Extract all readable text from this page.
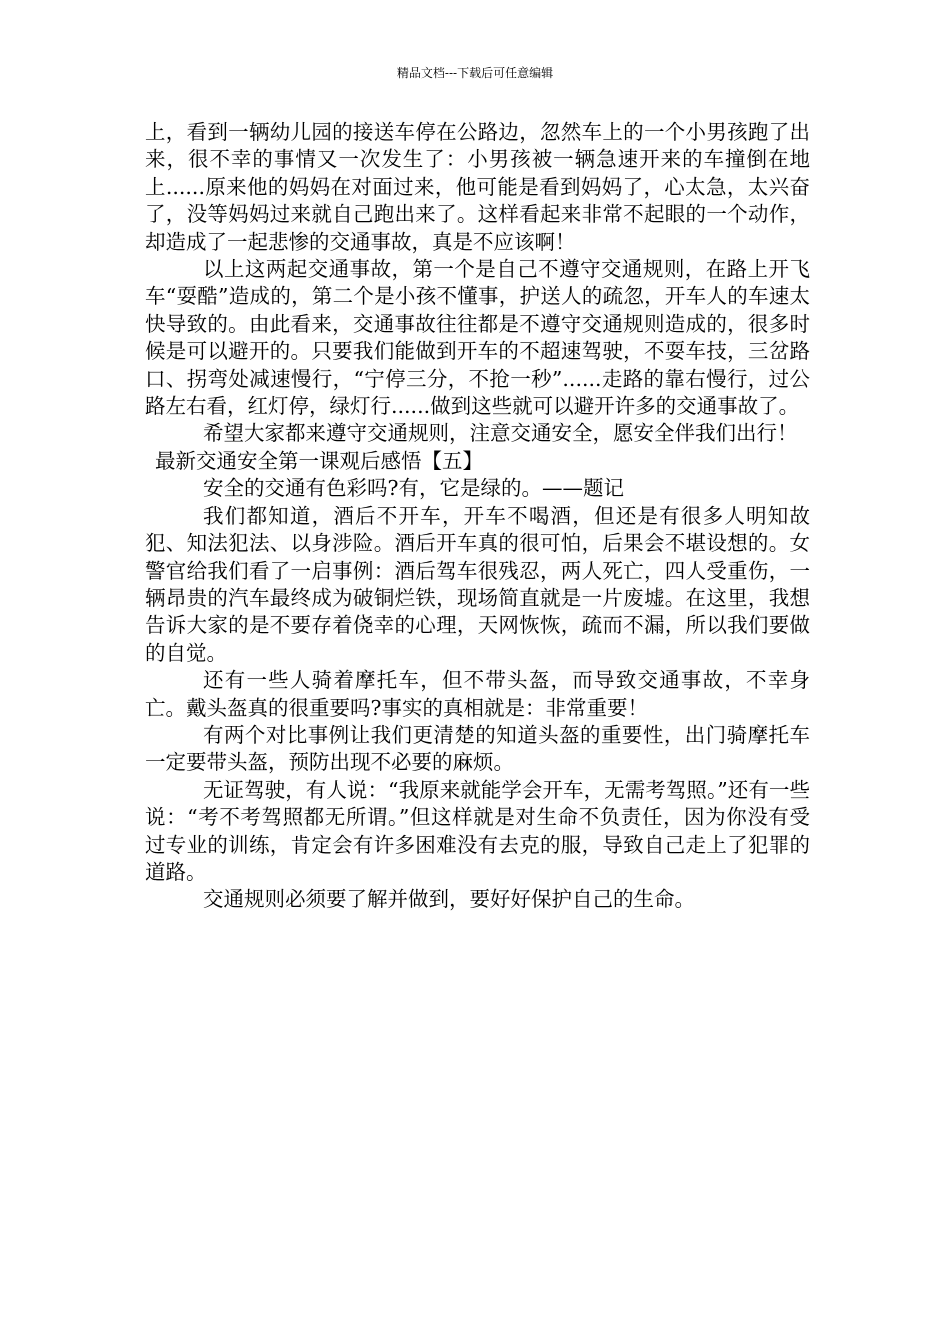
精品文档---下载后可任意编辑

上，看到一辆幼儿园的接送车停在公路边，忽然车上的一个小男孩跑了出来，很不幸的事情又一次发生了：小男孩被一辆急速开来的车撞倒在地上......原来他的妈妈在对面过来，他可能是看到妈妈了，心太急，太兴奋了，没等妈妈过来就自己跑出来了。这样看起来非常不起眼的一个动作，却造成了一起悲惨的交通事故，真是不应该啊！

以上这两起交通事故，第一个是自己不遵守交通规则，在路上开飞车“耍酷”造成的，第二个是小孩不懂事，护送人的疏忽，开车人的车速太快导致的。由此看来，交通事故往往都是不遵守交通规则造成的，很多时候是可以避开的。只要我们能做到开车的不超速驾驶，不耍车技，三岔路口、拐弯处减速慢行，“宁停三分，不抢一秒”......走路的靠右慢行，过公路左右看，红灯停，绿灯行......做到这些就可以避开许多的交通事故了。

希望大家都来遵守交通规则，注意交通安全，愿安全伴我们出行！

最新交通安全第一课观后感悟【五】

安全的交通有色彩吗?有，它是绿的。——题记

我们都知道，酒后不开车，开车不喝酒，但还是有很多人明知故犯、知法犯法、以身涉险。酒后开车真的很可怕，后果会不堪设想的。女警官给我们看了一启事例：酒后驾车很残忍，两人死亡，四人受重伤，一辆昂贵的汽车最终成为破铜烂铁，现场简直就是一片废墟。在这里，我想告诉大家的是不要存着侥幸的心理，天网恢恢，疏而不漏，所以我们要做的自觉。

还有一些人骑着摩托车，但不带头盔，而导致交通事故，不幸身亡。戴头盔真的很重要吗?事实的真相就是：非常重要！

有两个对比事例让我们更清楚的知道头盔的重要性，出门骑摩托车一定要带头盔，预防出现不必要的麻烦。

无证驾驶，有人说：“我原来就能学会开车，无需考驾照。”还有一些说：“考不考驾照都无所谓。”但这样就是对生命不负责任，因为你没有受过专业的训练，肯定会有许多困难没有去克的服，导致自己走上了犯罪的道路。

交通规则必须要了解并做到，要好好保护自己的生命。
